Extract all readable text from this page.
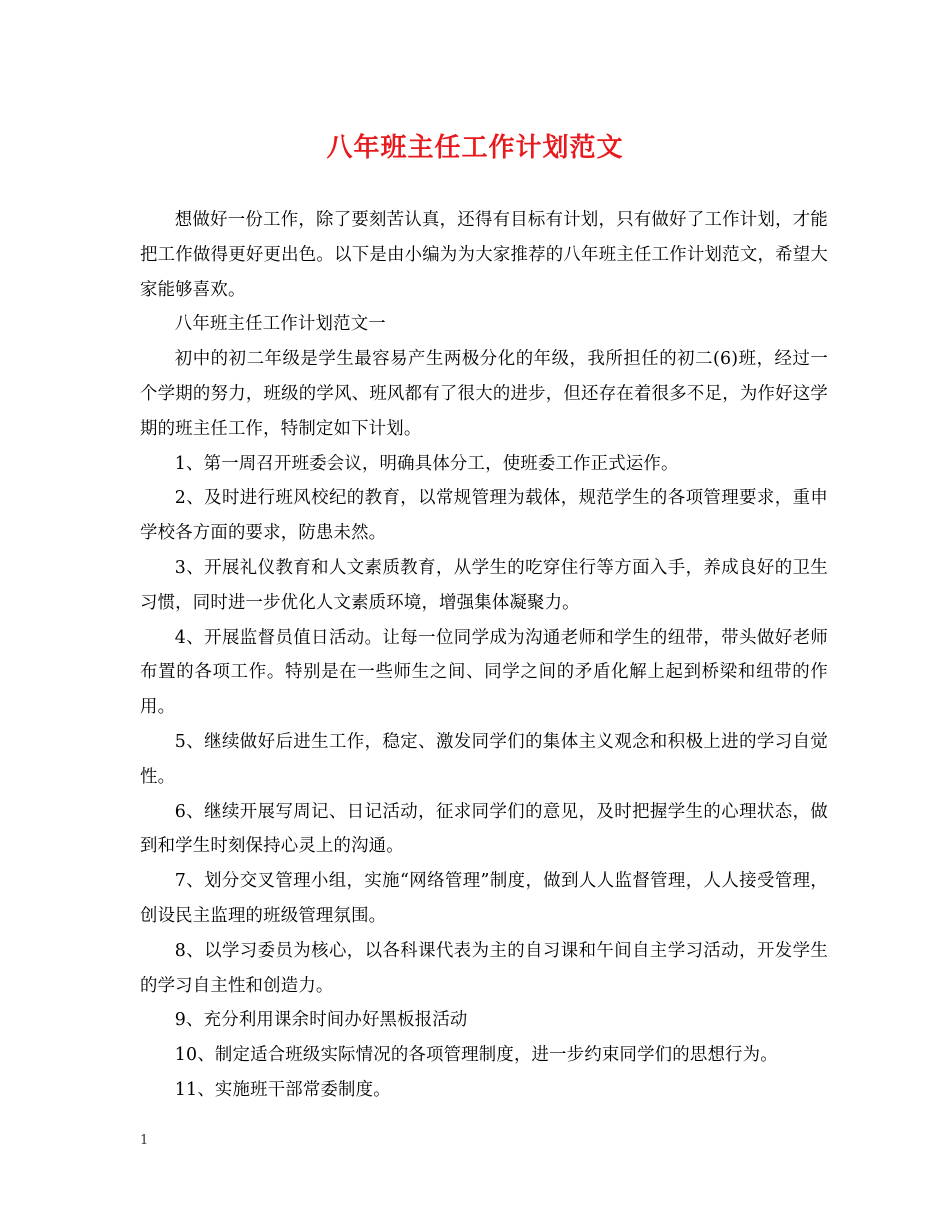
八年班主任工作计划范文

想做好一份工作，除了要刻苦认真，还得有目标有计划，只有做好了工作计划，才能把工作做得更好更出色。以下是由小编为为大家推荐的八年班主任工作计划范文，希望大家能够喜欢。

八年班主任工作计划范文一

初中的初二年级是学生最容易产生两极分化的年级，我所担任的初二(6)班，经过一个学期的努力，班级的学风、班风都有了很大的进步，但还存在着很多不足，为作好这学期的班主任工作，特制定如下计划。

1、第一周召开班委会议，明确具体分工，使班委工作正式运作。

2、及时进行班风校纪的教育，以常规管理为载体，规范学生的各项管理要求，重申学校各方面的要求，防患未然。

3、开展礼仪教育和人文素质教育，从学生的吃穿住行等方面入手，养成良好的卫生习惯，同时进一步优化人文素质环境，增强集体凝聚力。

4、开展监督员值日活动。让每一位同学成为沟通老师和学生的纽带，带头做好老师布置的各项工作。特别是在一些师生之间、同学之间的矛盾化解上起到桥梁和纽带的作用。

5、继续做好后进生工作，稳定、激发同学们的集体主义观念和积极上进的学习自觉性。

6、继续开展写周记、日记活动，征求同学们的意见，及时把握学生的心理状态，做到和学生时刻保持心灵上的沟通。

7、划分交叉管理小组，实施“网络管理”制度，做到人人监督管理，人人接受管理，创设民主监理的班级管理氛围。

8、以学习委员为核心，以各科课代表为主的自习课和午间自主学习活动，开发学生的学习自主性和创造力。

9、充分利用课余时间办好黑板报活动

10、制定适合班级实际情况的各项管理制度，进一步约束同学们的思想行为。

11、实施班干部常委制度。

1
